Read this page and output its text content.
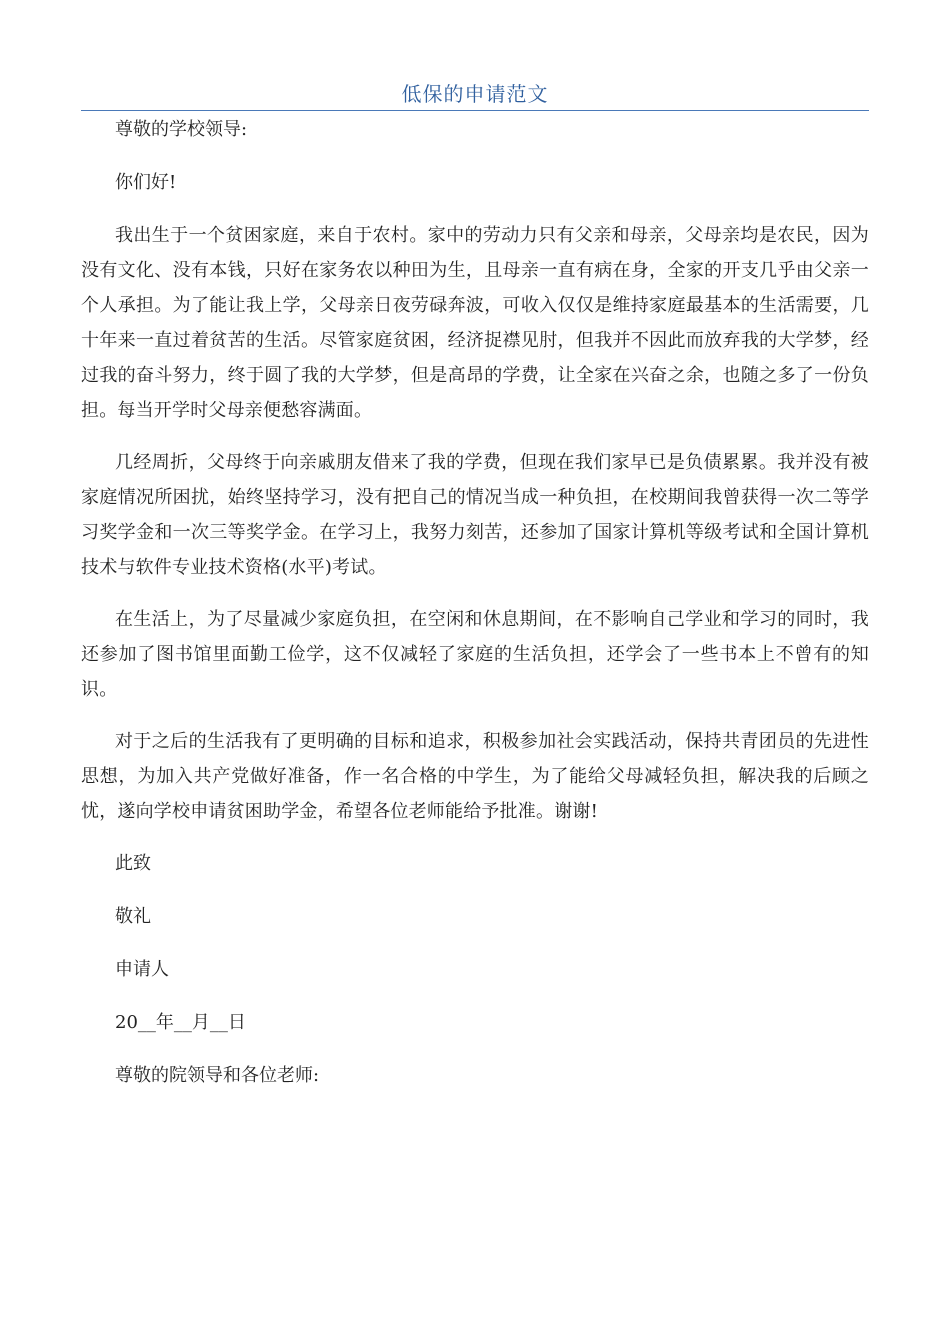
低保的申请范文

尊敬的学校领导:

你们好!

我出生于一个贫困家庭，来自于农村。家中的劳动力只有父亲和母亲，父母亲均是农民，因为没有文化、没有本钱，只好在家务农以种田为生，且母亲一直有病在身，全家的开支几乎由父亲一个人承担。为了能让我上学，父母亲日夜劳碌奔波，可收入仅仅是维持家庭最基本的生活需要，几十年来一直过着贫苦的生活。尽管家庭贫困，经济捉襟见肘，但我并不因此而放弃我的大学梦，经过我的奋斗努力，终于圆了我的大学梦，但是高昂的学费，让全家在兴奋之余，也随之多了一份负担。每当开学时父母亲便愁容满面。

几经周折，父母终于向亲戚朋友借来了我的学费，但现在我们家早已是负债累累。我并没有被家庭情况所困扰，始终坚持学习，没有把自己的情况当成一种负担，在校期间我曾获得一次二等学习奖学金和一次三等奖学金。在学习上，我努力刻苦，还参加了国家计算机等级考试和全国计算机技术与软件专业技术资格(水平)考试。

在生活上，为了尽量减少家庭负担，在空闲和休息期间，在不影响自己学业和学习的同时，我还参加了图书馆里面勤工俭学，这不仅减轻了家庭的生活负担，还学会了一些书本上不曾有的知识。

对于之后的生活我有了更明确的目标和追求，积极参加社会实践活动，保持共青团员的先进性思想，为加入共产党做好准备，作一名合格的中学生，为了能给父母减轻负担，解决我的后顾之忧，遂向学校申请贫困助学金，希望各位老师能给予批准。谢谢!

此致

敬礼

申请人

20__年__月__日

尊敬的院领导和各位老师:
